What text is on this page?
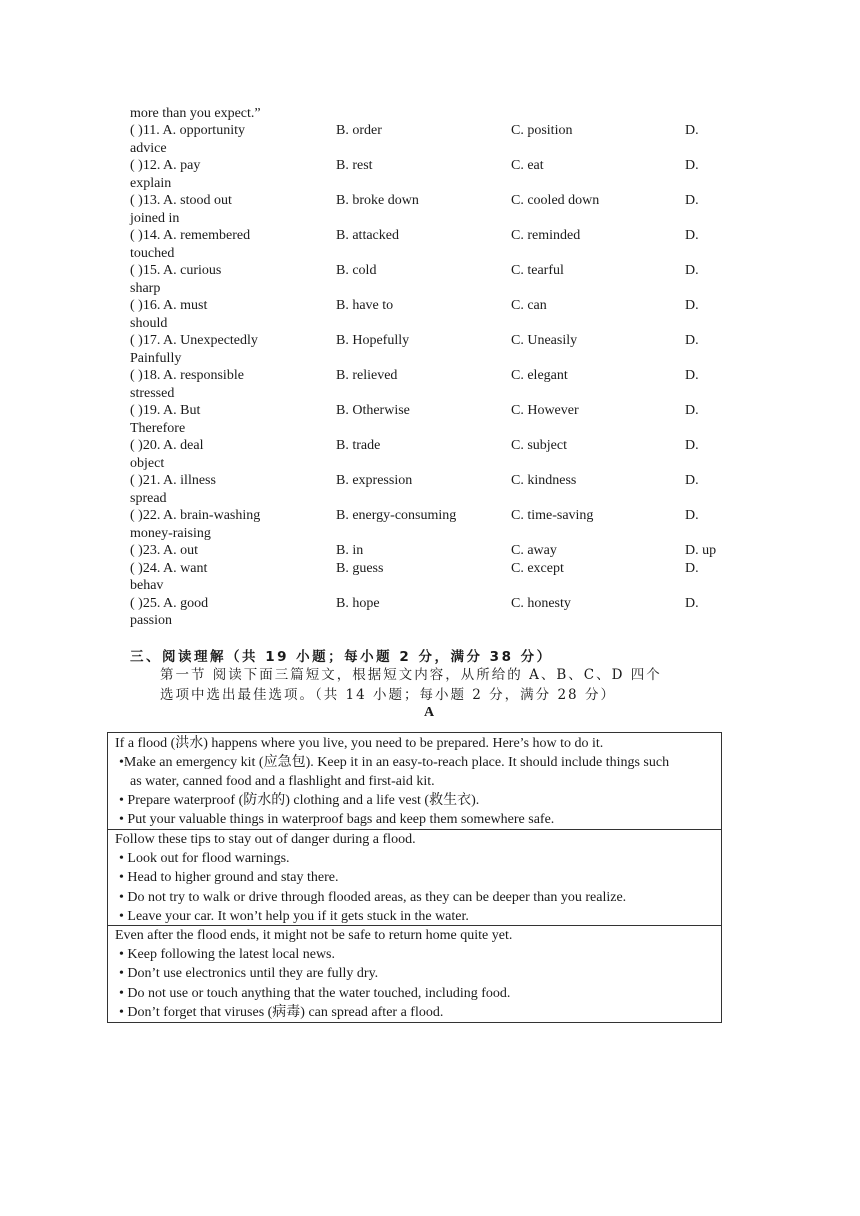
more than you expect.”
( )11. A. opportunity	B. order	C. position	D.
advice
( )12. A. pay	B. rest	C. eat	D.
explain
( )13. A. stood out	B. broke down	C. cooled down	D.
joined in
( )14. A. remembered	B. attacked	C. reminded	D.
touched
( )15. A. curious	B. cold	C. tearful	D.
sharp
( )16. A. must	B. have to	C. can	D.
should
( )17. A. Unexpectedly	B. Hopefully	C. Uneasily	D.
Painfully
( )18. A. responsible	B. relieved	C. elegant	D.
stressed
( )19. A. But	B. Otherwise	C. However	D.
Therefore
( )20. A. deal	B. trade	C. subject	D.
object
( )21. A. illness	B. expression	C. kindness	D.
spread
( )22. A. brain-washing	B. energy-consuming	C. time-saving	D.
money-raising
( )23. A. out	B. in	C. away	D. up
( )24. A. want	B. guess	C. except	D.
behav
( )25. A. good	B. hope	C. honesty	D.
passion
三、阅读理解（共 19 小题；每小题 2 分，满分 38 分）
第一节 阅读下面三篇短文，根据短文内容，从所给的 A、B、C、D 四个
选项中选出最佳选项。（共 14 小题；每小题 2 分，满分 28 分）
A

If a flood (洪水) happens where you live, you need to be prepared. Here’s how to do it.

•Make an emergency kit (应急包). Keep it in an easy-to-reach place. It should include things such

as water, canned food and a flashlight and first-aid kit.

• Prepare waterproof (防水的) clothing and a life vest (救生衣).

• Put your valuable things in waterproof bags and keep them somewhere safe.

Follow these tips to stay out of danger during a flood.

• Look out for flood warnings.

• Head to higher ground and stay there.

• Do not try to walk or drive through flooded areas, as they can be deeper than you realize.

• Leave your car. It won’t help you if it gets stuck in the water.

Even after the flood ends, it might not be safe to return home quite yet.

• Keep following the latest local news.

• Don’t use electronics until they are fully dry.

• Do not use or touch anything that the water touched, including food.

• Don’t forget that viruses (病毒) can spread after a flood.
